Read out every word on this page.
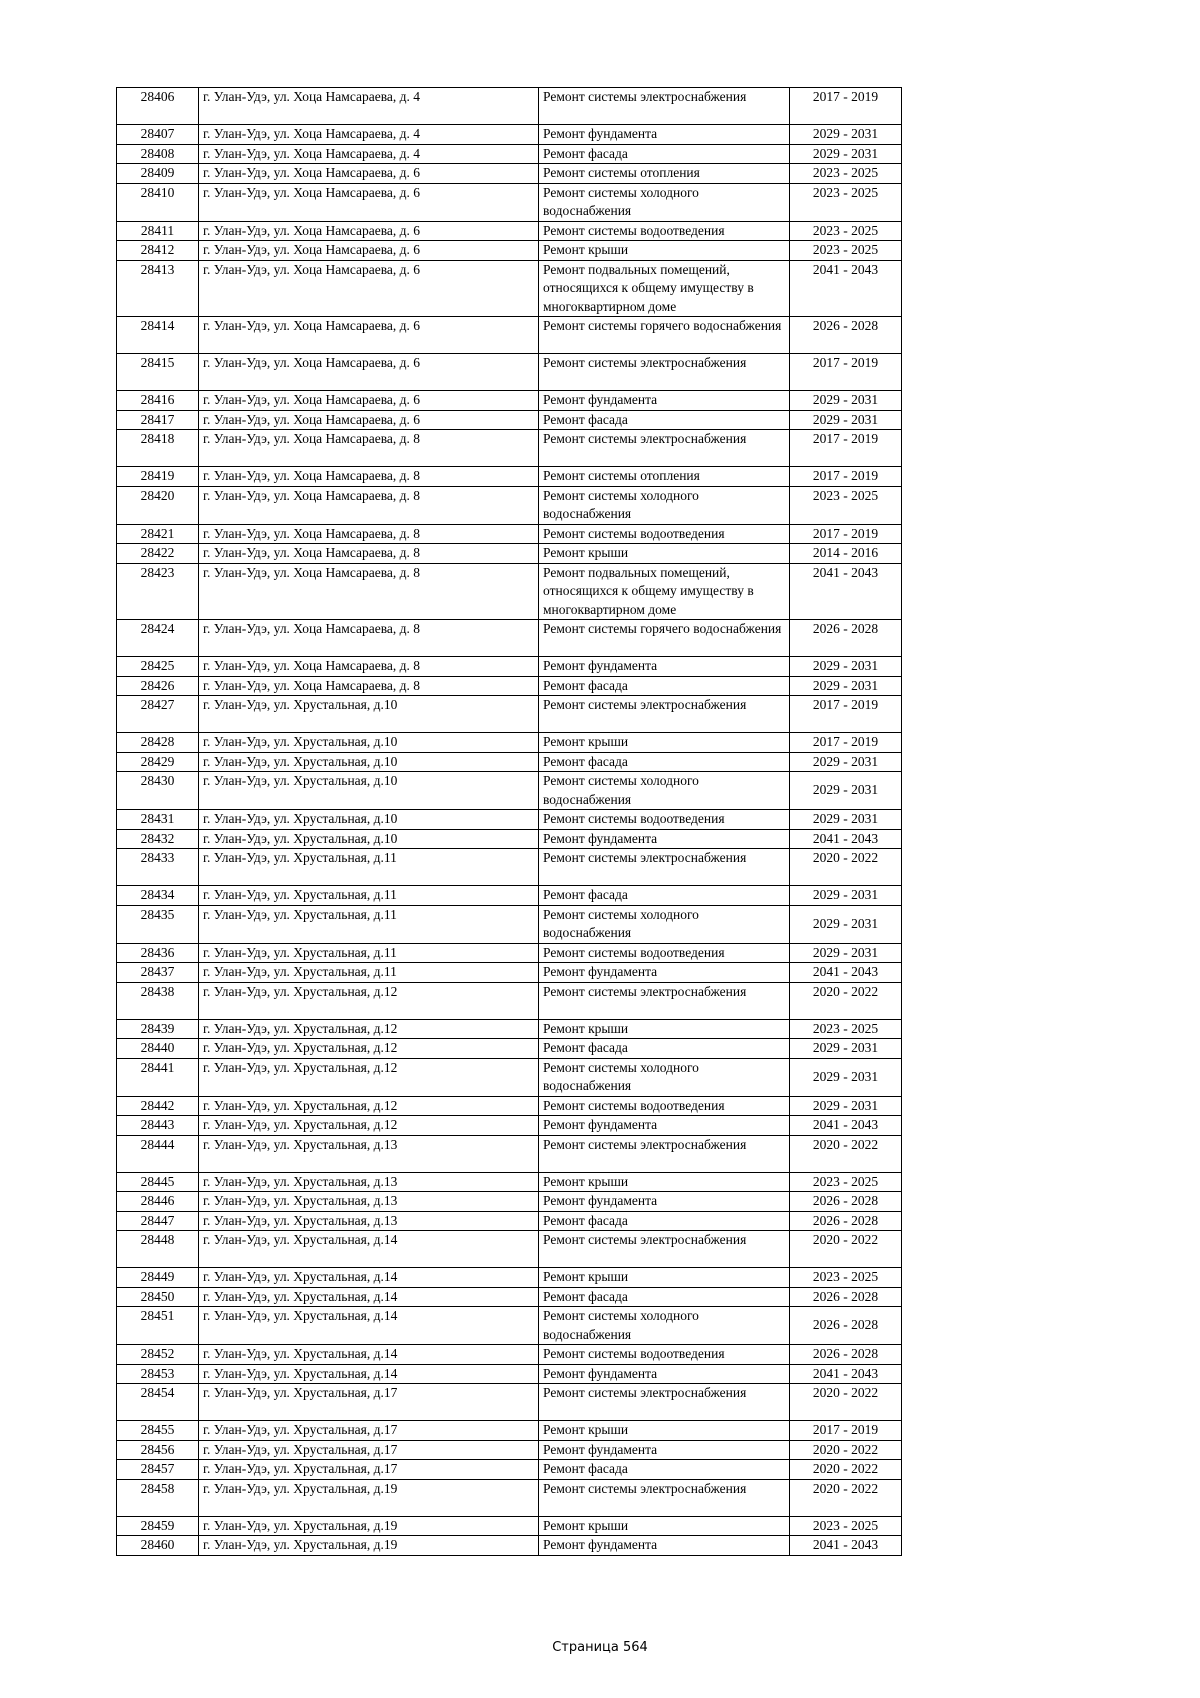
28406	г. Улан-Удэ, ул. Хоца Намсараева, д. 4	Ремонт системы электроснабжения	2017 - 2019
28407	г. Улан-Удэ, ул. Хоца Намсараева, д. 4	Ремонт фундамента	2029 - 2031
28408	г. Улан-Удэ, ул. Хоца Намсараева, д. 4	Ремонт фасада	2029 - 2031
28409	г. Улан-Удэ, ул. Хоца Намсараева, д. 6	Ремонт системы отопления	2023 - 2025
28410	г. Улан-Удэ, ул. Хоца Намсараева, д. 6	Ремонт системы холодного водоснабжения	2023 - 2025
28411	г. Улан-Удэ, ул. Хоца Намсараева, д. 6	Ремонт системы водоотведения	2023 - 2025
28412	г. Улан-Удэ, ул. Хоца Намсараева, д. 6	Ремонт крыши	2023 - 2025
28413	г. Улан-Удэ, ул. Хоца Намсараева, д. 6	Ремонт подвальных помещений, относящихся к общему имуществу в многоквартирном доме	2041 - 2043
28414	г. Улан-Удэ, ул. Хоца Намсараева, д. 6	Ремонт системы горячего водоснабжения	2026 - 2028
28415	г. Улан-Удэ, ул. Хоца Намсараева, д. 6	Ремонт системы электроснабжения	2017 - 2019
28416	г. Улан-Удэ, ул. Хоца Намсараева, д. 6	Ремонт фундамента	2029 - 2031
28417	г. Улан-Удэ, ул. Хоца Намсараева, д. 6	Ремонт фасада	2029 - 2031
28418	г. Улан-Удэ, ул. Хоца Намсараева, д. 8	Ремонт системы электроснабжения	2017 - 2019
28419	г. Улан-Удэ, ул. Хоца Намсараева, д. 8	Ремонт системы отопления	2017 - 2019
28420	г. Улан-Удэ, ул. Хоца Намсараева, д. 8	Ремонт системы холодного водоснабжения	2023 - 2025
28421	г. Улан-Удэ, ул. Хоца Намсараева, д. 8	Ремонт системы водоотведения	2017 - 2019
28422	г. Улан-Удэ, ул. Хоца Намсараева, д. 8	Ремонт крыши	2014 - 2016
28423	г. Улан-Удэ, ул. Хоца Намсараева, д. 8	Ремонт подвальных помещений, относящихся к общему имуществу в многоквартирном доме	2041 - 2043
28424	г. Улан-Удэ, ул. Хоца Намсараева, д. 8	Ремонт системы горячего водоснабжения	2026 - 2028
28425	г. Улан-Удэ, ул. Хоца Намсараева, д. 8	Ремонт фундамента	2029 - 2031
28426	г. Улан-Удэ, ул. Хоца Намсараева, д. 8	Ремонт фасада	2029 - 2031
28427	г. Улан-Удэ, ул. Хрустальная, д.10	Ремонт системы электроснабжения	2017 - 2019
28428	г. Улан-Удэ, ул. Хрустальная, д.10	Ремонт крыши	2017 - 2019
28429	г. Улан-Удэ, ул. Хрустальная, д.10	Ремонт фасада	2029 - 2031
28430	г. Улан-Удэ, ул. Хрустальная, д.10	Ремонт системы холодного водоснабжения	2029 - 2031
28431	г. Улан-Удэ, ул. Хрустальная, д.10	Ремонт системы водоотведения	2029 - 2031
28432	г. Улан-Удэ, ул. Хрустальная, д.10	Ремонт фундамента	2041 - 2043
28433	г. Улан-Удэ, ул. Хрустальная, д.11	Ремонт системы электроснабжения	2020 - 2022
28434	г. Улан-Удэ, ул. Хрустальная, д.11	Ремонт фасада	2029 - 2031
28435	г. Улан-Удэ, ул. Хрустальная, д.11	Ремонт системы холодного водоснабжения	2029 - 2031
28436	г. Улан-Удэ, ул. Хрустальная, д.11	Ремонт системы водоотведения	2029 - 2031
28437	г. Улан-Удэ, ул. Хрустальная, д.11	Ремонт фундамента	2041 - 2043
28438	г. Улан-Удэ, ул. Хрустальная, д.12	Ремонт системы электроснабжения	2020 - 2022
28439	г. Улан-Удэ, ул. Хрустальная, д.12	Ремонт крыши	2023 - 2025
28440	г. Улан-Удэ, ул. Хрустальная, д.12	Ремонт фасада	2029 - 2031
28441	г. Улан-Удэ, ул. Хрустальная, д.12	Ремонт системы холодного водоснабжения	2029 - 2031
28442	г. Улан-Удэ, ул. Хрустальная, д.12	Ремонт системы водоотведения	2029 - 2031
28443	г. Улан-Удэ, ул. Хрустальная, д.12	Ремонт фундамента	2041 - 2043
28444	г. Улан-Удэ, ул. Хрустальная, д.13	Ремонт системы электроснабжения	2020 - 2022
28445	г. Улан-Удэ, ул. Хрустальная, д.13	Ремонт крыши	2023 - 2025
28446	г. Улан-Удэ, ул. Хрустальная, д.13	Ремонт фундамента	2026 - 2028
28447	г. Улан-Удэ, ул. Хрустальная, д.13	Ремонт фасада	2026 - 2028
28448	г. Улан-Удэ, ул. Хрустальная, д.14	Ремонт системы электроснабжения	2020 - 2022
28449	г. Улан-Удэ, ул. Хрустальная, д.14	Ремонт крыши	2023 - 2025
28450	г. Улан-Удэ, ул. Хрустальная, д.14	Ремонт фасада	2026 - 2028
28451	г. Улан-Удэ, ул. Хрустальная, д.14	Ремонт системы холодного водоснабжения	2026 - 2028
28452	г. Улан-Удэ, ул. Хрустальная, д.14	Ремонт системы водоотведения	2026 - 2028
28453	г. Улан-Удэ, ул. Хрустальная, д.14	Ремонт фундамента	2041 - 2043
28454	г. Улан-Удэ, ул. Хрустальная, д.17	Ремонт системы электроснабжения	2020 - 2022
28455	г. Улан-Удэ, ул. Хрустальная, д.17	Ремонт крыши	2017 - 2019
28456	г. Улан-Удэ, ул. Хрустальная, д.17	Ремонт фундамента	2020 - 2022
28457	г. Улан-Удэ, ул. Хрустальная, д.17	Ремонт фасада	2020 - 2022
28458	г. Улан-Удэ, ул. Хрустальная, д.19	Ремонт системы электроснабжения	2020 - 2022
28459	г. Улан-Удэ, ул. Хрустальная, д.19	Ремонт крыши	2023 - 2025
28460	г. Улан-Удэ, ул. Хрустальная, д.19	Ремонт фундамента	2041 - 2043
Страница 564
